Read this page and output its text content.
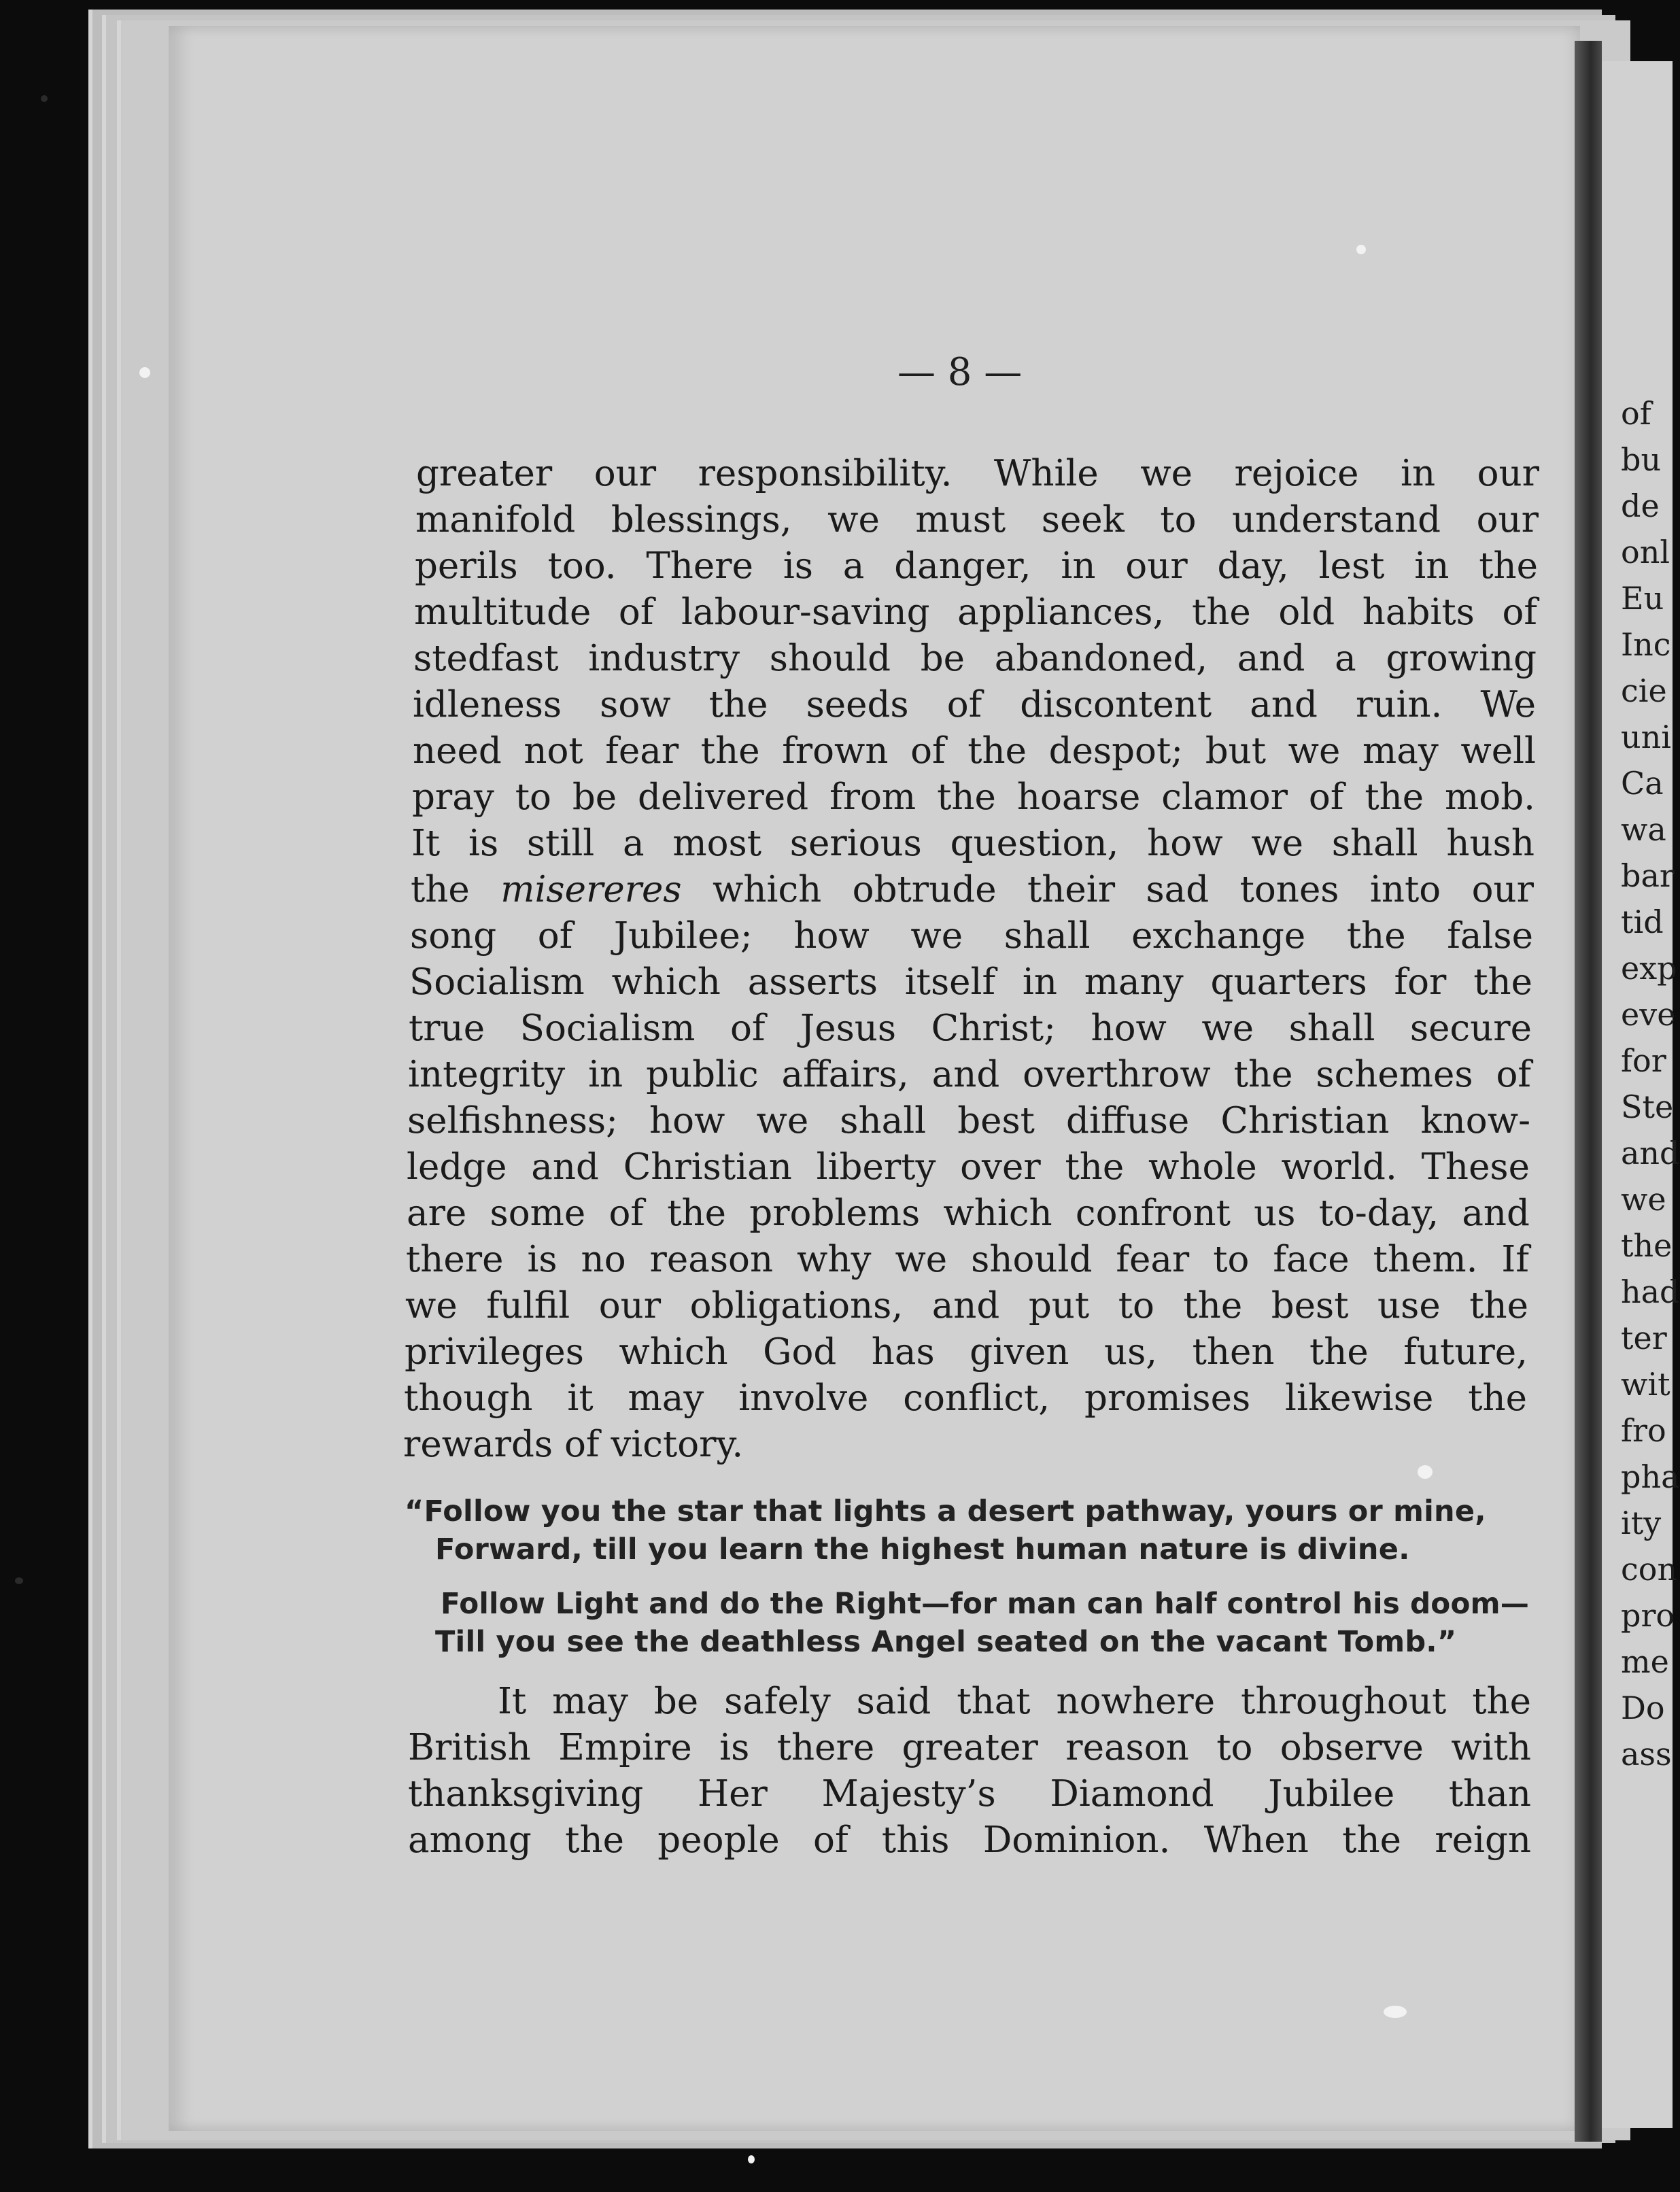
of
bu
de
onl
Eu
Inc
cie
uni
Ca
wa
bar
tid
exp
eve
for
Ste
and
we
the
had
ter
wit
fro
pha
ity
con
pro
me
Do
ass
— 8 —
greater our responsibility. While we rejoice in our
manifold blessings, we must seek to understand our
perils too. There is a danger, in our day, lest in the
multitude of labour-saving appliances, the old habits of
stedfast industry should be abandoned, and a growing
idleness sow the seeds of discontent and ruin. We
need not fear the frown of the despot; but we may well
pray to be delivered from the hoarse clamor of the mob.
It is still a most serious question, how we shall hush
the misereres which obtrude their sad tones into our
song of Jubilee; how we shall exchange the false
Socialism which asserts itself in many quarters for the
true Socialism of Jesus Christ; how we shall secure
integrity in public affairs, and overthrow the schemes of
selfishness; how we shall best diffuse Christian know-
ledge and Christian liberty over the whole world. These
are some of the problems which confront us to-day, and
there is no reason why we should fear to face them. If
we fulfil our obligations, and put to the best use the
privileges which God has given us, then the future,
though it may involve conflict, promises likewise the
rewards of victory.
“Follow you the star that lights a desert pathway, yours or mine,
Forward, till you learn the highest human nature is divine.
Follow Light and do the Right—for man can half control his doom—
Till you see the deathless Angel seated on the vacant Tomb.”
It may be safely said that nowhere throughout the
British Empire is there greater reason to observe with
thanksgiving Her Majesty’s Diamond Jubilee than
among the people of this Dominion. When the reign
